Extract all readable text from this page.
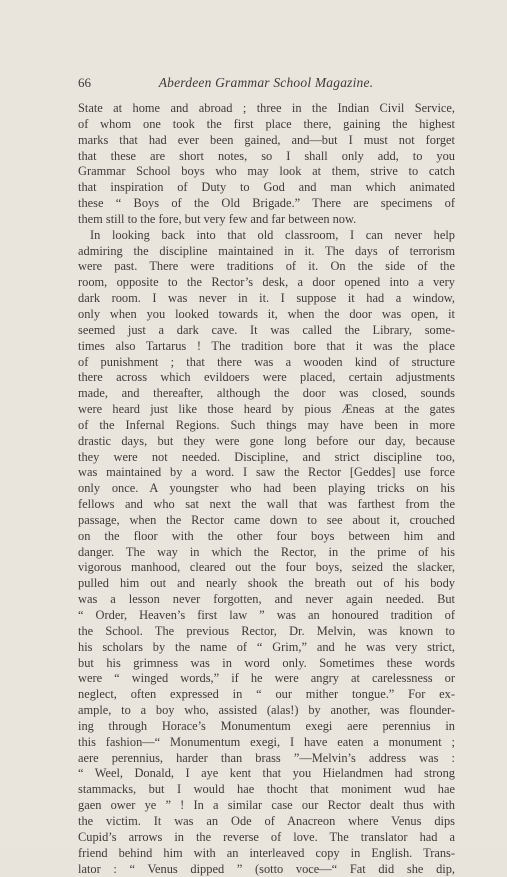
66	Aberdeen Grammar School Magazine.
State at home and abroad ; three in the Indian Civil Service,
of whom one took the first place there, gaining the highest
marks that had ever been gained, and—but I must not forget
that these are short notes, so I shall only add, to you
Grammar School boys who may look at them, strive to catch
that inspiration of Duty to God and man which animated
these “ Boys of the Old Brigade.” There are specimens of
them still to the fore, but very few and far between now.
In looking back into that old classroom, I can never help
admiring the discipline maintained in it. The days of terrorism
were past. There were traditions of it. On the side of the
room, opposite to the Rector’s desk, a door opened into a very
dark room. I was never in it. I suppose it had a window,
only when you looked towards it, when the door was open, it
seemed just a dark cave. It was called the Library, some-
times also Tartarus ! The tradition bore that it was the place
of punishment ; that there was a wooden kind of structure
there across which evildoers were placed, certain adjustments
made, and thereafter, although the door was closed, sounds
were heard just like those heard by pious Æneas at the gates
of the Infernal Regions. Such things may have been in more
drastic days, but they were gone long before our day, because
they were not needed. Discipline, and strict discipline too,
was maintained by a word. I saw the Rector [Geddes] use force
only once. A youngster who had been playing tricks on his
fellows and who sat next the wall that was farthest from the
passage, when the Rector came down to see about it, crouched
on the floor with the other four boys between him and
danger. The way in which the Rector, in the prime of his
vigorous manhood, cleared out the four boys, seized the slacker,
pulled him out and nearly shook the breath out of his body
was a lesson never forgotten, and never again needed. But
“ Order, Heaven’s first law ” was an honoured tradition of
the School. The previous Rector, Dr. Melvin, was known to
his scholars by the name of “ Grim,” and he was very strict,
but his grimness was in word only. Sometimes these words
were “ winged words,” if he were angry at carelessness or
neglect, often expressed in “ our mither tongue.” For ex-
ample, to a boy who, assisted (alas!) by another, was flounder-
ing through Horace’s Monumentum exegi aere perennius in
this fashion—“ Monumentum exegi, I have eaten a monument ;
aere perennius, harder than brass ”—Melvin’s address was :
“ Weel, Donald, I aye kent that you Hielandmen had strong
stammacks, but I would hae thocht that moniment wud hae
gaen ower ye ” ! In a similar case our Rector dealt thus with
the victim. It was an Ode of Anacreon where Venus dips
Cupid’s arrows in the reverse of love. The translator had a
friend behind him with an interleaved copy in English. Trans-
lator : “ Venus dipped ” (sotto voce—“ Fat did she dip,
